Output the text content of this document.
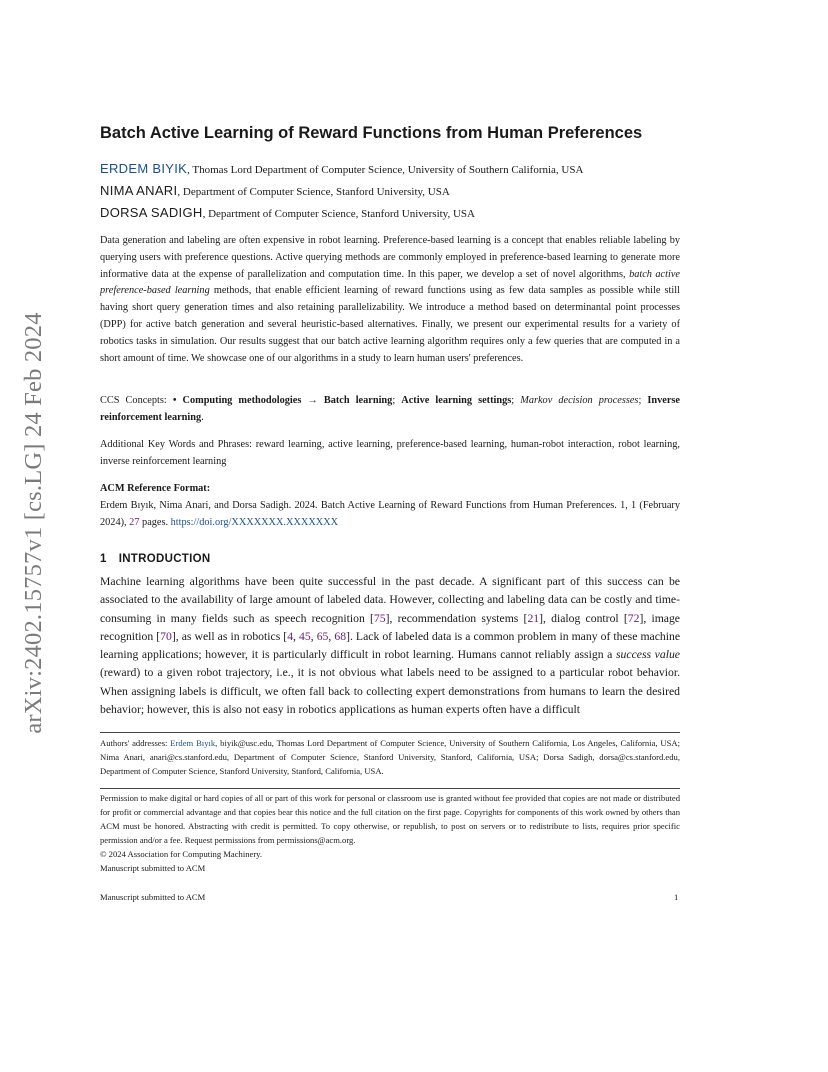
arXiv:2402.15757v1 [cs.LG] 24 Feb 2024
Batch Active Learning of Reward Functions from Human Preferences
ERDEM BIYIK, Thomas Lord Department of Computer Science, University of Southern California, USA
NIMA ANARI, Department of Computer Science, Stanford University, USA
DORSA SADIGH, Department of Computer Science, Stanford University, USA
Data generation and labeling are often expensive in robot learning. Preference-based learning is a concept that enables reliable labeling by querying users with preference questions. Active querying methods are commonly employed in preference-based learning to generate more informative data at the expense of parallelization and computation time. In this paper, we develop a set of novel algorithms, batch active preference-based learning methods, that enable efficient learning of reward functions using as few data samples as possible while still having short query generation times and also retaining parallelizability. We introduce a method based on determinantal point processes (DPP) for active batch generation and several heuristic-based alternatives. Finally, we present our experimental results for a variety of robotics tasks in simulation. Our results suggest that our batch active learning algorithm requires only a few queries that are computed in a short amount of time. We showcase one of our algorithms in a study to learn human users' preferences.
CCS Concepts: • Computing methodologies → Batch learning; Active learning settings; Markov decision processes; Inverse reinforcement learning.
Additional Key Words and Phrases: reward learning, active learning, preference-based learning, human-robot interaction, robot learning, inverse reinforcement learning
ACM Reference Format:
Erdem Bıyık, Nima Anari, and Dorsa Sadigh. 2024. Batch Active Learning of Reward Functions from Human Preferences. 1, 1 (February 2024), 27 pages. https://doi.org/XXXXXXX.XXXXXXX
1 INTRODUCTION
Machine learning algorithms have been quite successful in the past decade. A significant part of this success can be associated to the availability of large amount of labeled data. However, collecting and labeling data can be costly and time-consuming in many fields such as speech recognition [75], recommendation systems [21], dialog control [72], image recognition [70], as well as in robotics [4, 45, 65, 68]. Lack of labeled data is a common problem in many of these machine learning applications; however, it is particularly difficult in robot learning. Humans cannot reliably assign a success value (reward) to a given robot trajectory, i.e., it is not obvious what labels need to be assigned to a particular robot behavior. When assigning labels is difficult, we often fall back to collecting expert demonstrations from humans to learn the desired behavior; however, this is also not easy in robotics applications as human experts often have a difficult
Authors' addresses: Erdem Bıyık, biyik@usc.edu, Thomas Lord Department of Computer Science, University of Southern California, Los Angeles, California, USA; Nima Anari, anari@cs.stanford.edu, Department of Computer Science, Stanford University, Stanford, California, USA; Dorsa Sadigh, dorsa@cs.stanford.edu, Department of Computer Science, Stanford University, Stanford, California, USA.
Permission to make digital or hard copies of all or part of this work for personal or classroom use is granted without fee provided that copies are not made or distributed for profit or commercial advantage and that copies bear this notice and the full citation on the first page. Copyrights for components of this work owned by others than ACM must be honored. Abstracting with credit is permitted. To copy otherwise, or republish, to post on servers or to redistribute to lists, requires prior specific permission and/or a fee. Request permissions from permissions@acm.org.
© 2024 Association for Computing Machinery.
Manuscript submitted to ACM
Manuscript submitted to ACM	1
